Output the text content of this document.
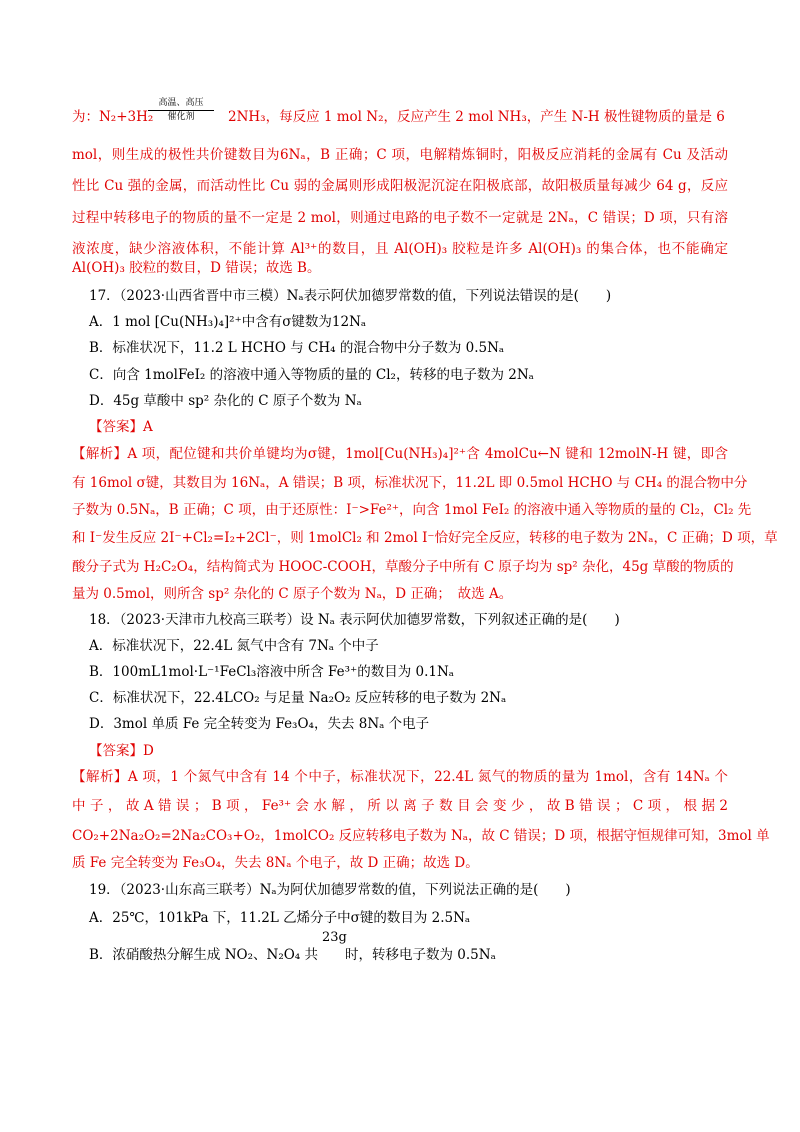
高温、高压
催化剂
为：N₂+3H₂	2NH₃，每反应 1 mol N₂，反应产生 2 mol NH₃，产生 N-H 极性键物质的量是 6
mol，则生成的极性共价键数目为6Nₐ，B 正确；C 项，电解精炼铜时，阳极反应消耗的金属有 Cu 及活动
性比 Cu 强的金属，而活动性比 Cu 弱的金属则形成阳极泥沉淀在阳极底部，故阳极质量每减少 64 g，反应
过程中转移电子的物质的量不一定是 2 mol，则通过电路的电子数不一定就是 2Nₐ，C 错误；D 项，只有溶
液浓度，缺少溶液体积，不能计算 Al³⁺的数目，且 Al(OH)₃ 胶粒是许多 Al(OH)₃ 的集合体，也不能确定
Al(OH)₃ 胶粒的数目，D 错误；故选 B。
17．（2023·山西省晋中市三模）Nₐ表示阿伏加德罗常数的值，下列说法错误的是(　　)
A．1 mol [Cu(NH₃)₄]²⁺中含有σ键数为12Nₐ
B．标准状况下，11.2 L HCHO 与 CH₄ 的混合物中分子数为 0.5Nₐ
C．向含 1molFeI₂ 的溶液中通入等物质的量的 Cl₂，转移的电子数为 2Nₐ
D．45g 草酸中 sp² 杂化的 C 原子个数为 Nₐ
【答案】A
【解析】A 项，配位键和共价单键均为σ键，1mol[Cu(NH₃)₄]²⁺含 4molCu←N 键和 12molN-H 键，即含
有 16mol σ键，其数目为 16Nₐ，A 错误；B 项，标准状况下，11.2L 即 0.5mol HCHO 与 CH₄ 的混合物中分
子数为 0.5Nₐ，B 正确；C 项，由于还原性：I⁻>Fe²⁺，向含 1mol FeI₂ 的溶液中通入等物质的量的 Cl₂，Cl₂ 先
和 I⁻发生反应 2I⁻+Cl₂=I₂+2Cl⁻，则 1molCl₂ 和 2mol I⁻恰好完全反应，转移的电子数为 2Nₐ，C 正确；D 项，草
酸分子式为 H₂C₂O₄，结构简式为 HOOC-COOH，草酸分子中所有 C 原子均为 sp² 杂化，45g 草酸的物质的
量为 0.5mol，则所含 sp² 杂化的 C 原子个数为 Nₐ，D 正确；　故选 A。
18．（2023·天津市九校高三联考）设 Nₐ 表示阿伏加德罗常数，下列叙述正确的是(　　)
A．标准状况下，22.4L 氮气中含有 7Nₐ 个中子
B．100mL1mol·L⁻¹FeCl₃溶液中所含 Fe³⁺的数目为 0.1Nₐ
C．标准状况下，22.4LCO₂ 与足量 Na₂O₂ 反应转移的电子数为 2Nₐ
D．3mol 单质 Fe 完全转变为 Fe₃O₄，失去 8Nₐ 个电子
【答案】D
【解析】A 项，1 个氮气中含有 14 个中子，标准状况下，22.4L 氮气的物质的量为 1mol，含有 14Nₐ 个
中 子 ， 故 A 错 误 ； B 项 ， Fe³⁺ 会 水 解 ， 所 以 离 子 数 目 会 变 少 ， 故 B 错 误 ； C 项 ， 根 据 2
CO₂+2Na₂O₂=2Na₂CO₃+O₂，1molCO₂ 反应转移电子数为 Nₐ，故 C 错误；D 项，根据守恒规律可知，3mol 单
质 Fe 完全转变为 Fe₃O₄，失去 8Nₐ 个电子，故 D 正确；故选 D。
19．（2023·山东高三联考）Nₐ为阿伏加德罗常数的值，下列说法正确的是(　　)
A．25℃，101kPa 下，11.2L 乙烯分子中σ键的数目为 2.5Nₐ
23g
B．浓硝酸热分解生成 NO₂、N₂O₄ 共　　时，转移电子数为 0.5Nₐ
